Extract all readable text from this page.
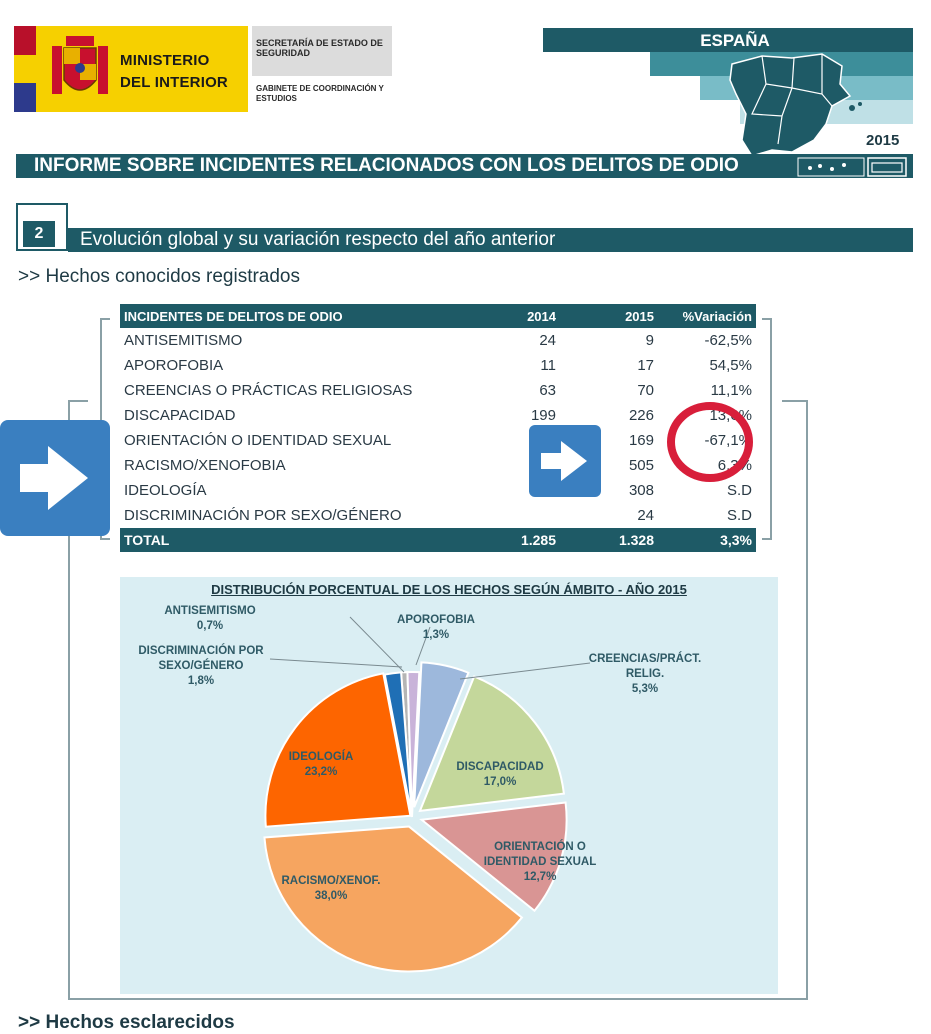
MINISTERIO
DEL INTERIOR
SECRETARÍA DE ESTADO DE SEGURIDAD
GABINETE DE COORDINACIÓN Y ESTUDIOS
ESPAÑA
2015
INFORME SOBRE INCIDENTES RELACIONADOS CON LOS DELITOS DE ODIO
2	Evolución global y su variación respecto del año anterior
>> Hechos conocidos registrados
INCIDENTES DE DELITOS DE ODIO	2014	2015	%Variación
ANTISEMITISMO	24	9	-62,5%
APOROFOBIA	11	17	54,5%
CREENCIAS O PRÁCTICAS RELIGIOSAS	63	70	11,1%
DISCAPACIDAD	199	226	13,6%
ORIENTACIÓN O IDENTIDAD SEXUAL		169	-67,1%
RACISMO/XENOFOBIA		505	6,3%
IDEOLOGÍA		308	S.D
DISCRIMINACIÓN POR SEXO/GÉNERO		24	S.D
TOTAL	1.285	1.328	3,3%
DISTRIBUCIÓN PORCENTUAL DE LOS HECHOS SEGÚN ÁMBITO - AÑO 2015
ANTISEMITISMO
0,7%	APOROFOBIA
1,3%
CREENCIAS/PRÁCT.
RELIG.
5,3%
DISCRIMINACIÓN POR
SEXO/GÉNERO
1,8%
DISCAPACIDAD
17,0%
ORIENTACIÓN O
IDENTIDAD SEXUAL
12,7%
RACISMO/XENOF.
38,0%
IDEOLOGÍA
23,2%
>> Hechos esclarecidos
